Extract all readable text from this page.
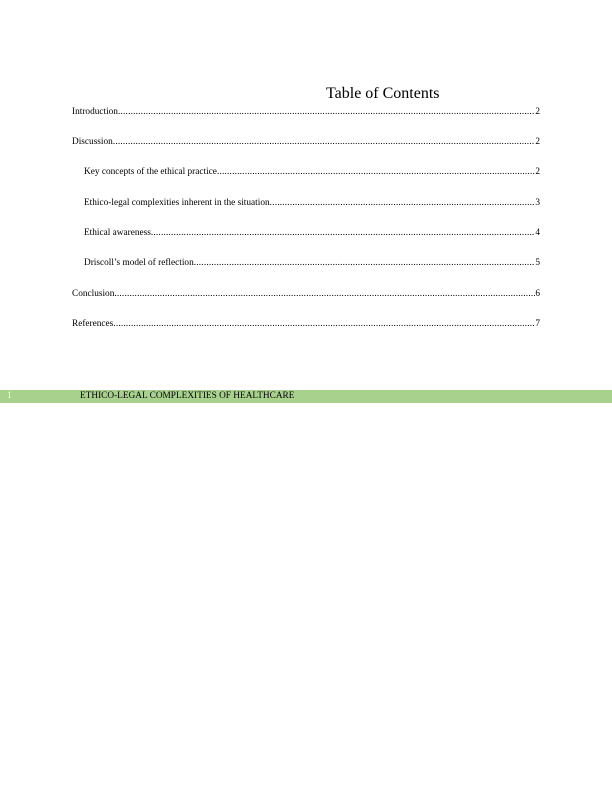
Table of Contents
Introduction .....	2
Discussion .....	2
Key concepts of the ethical practice .....	2
Ethico-legal complexities inherent in the situation .....	3
Ethical awareness .....	4
Driscoll’s model of reflection .....	5
Conclusion .....	6
References .....	7
1	ETHICO-LEGAL COMPLEXITIES OF HEALTHCARE
